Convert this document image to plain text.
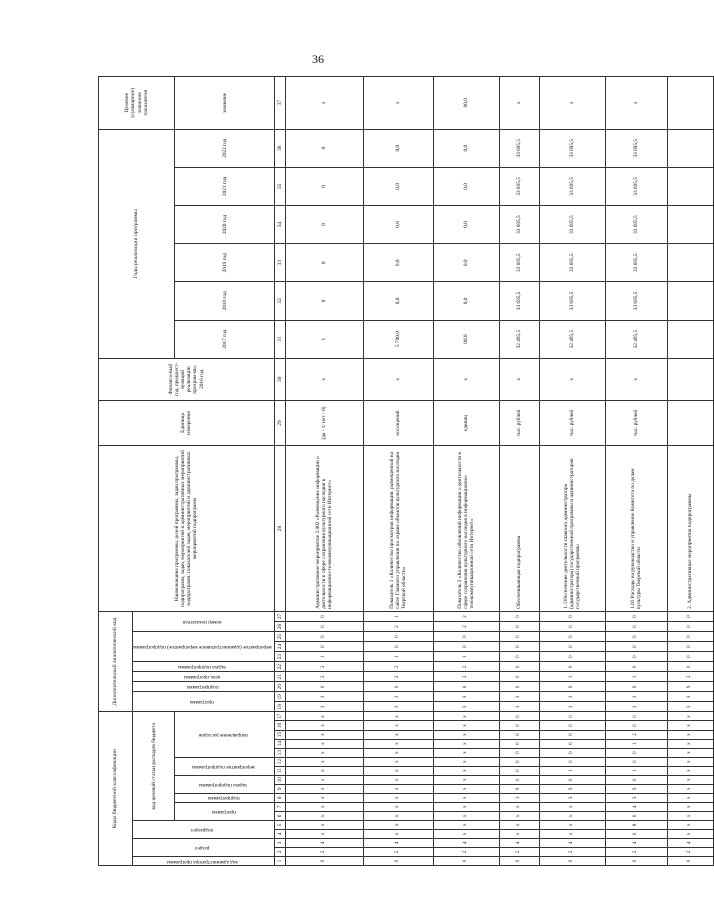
36
Коды бюджетной классификации																	Дополнительный аналитический код										Наименование программы, целей программы, задач программы, подпрограмм, задач, мероприятий и административных мероприятий подпрограмм, показателей задач, мероприятий и административных мероприятий подпрограмм	Единица измерения	Финансо-вый год, предшест-вующий реализации програм-мы, 2016 год	Годы реализации программы						Целевое (суммарное) значение показателя
код администратора программы	раздел		подраздел		код целевой статьи расходов бюджета												программа		подпрограмма	цель программы	задача подпрограммы	мероприятие (административное мероприятие) подпрограммы			номер показателя											
					программа		подпрограмма	задача подпрограммы		мероприятие подпрограммы		направление расходов																		2017 год	2018 год	2019 год	2020 год	2021 год	2022 год	значение
1	2	3	4	5	6	7	8	9	10	11	12	13	14	15	16	17	18	19	20	21	22	23	24	25	26	27	28	29	30	31	32	33	34	35	36	37
0	2	4	х	х	х	х	х	х	х	х	х	х	х	х	х	х	3	3	0	2	2	1	0	0	0	0	Административное мероприятие 2.002 «Размещение информации о деятельности в сфере сохранения культурного наследия в информационно-телекоммуникационной сети Интернет»	(да - 1/ нет - 0)	х	1	0	0	0	0	0	х
0	2	4	х	х	х	х	х	х	х	х	х	х	х	х	х	х	3	3	0	2	2	1	0	0	2	1	Показатель 1 «Количество просмотров информации, размещенной на сайте Главного управления по охране объектов культурного наследия Тверской области»	посещений	х	5 700,0	0,0	0,0	0,0	0,0	0,0	х
0	2	4	х	х	х	х	х	х	х	х	х	х	х	х	х	х	3	3	0	2	2	1	0	0	2	2	Показатель 2 «Количество обновлений информации о деятельности в сфере сохранения культурного наследия в информационно-телекоммуникационной сети Интернет»	единиц	х	80,0	0,0	0,0	0,0	0,0	0,0	80,0
0	2	4	х	х	х	х	3	9	0	0	0	0	0	0	0	0	3	3	0	0	0	0	0	0	0	0	Обеспечивающая подпрограмма	тыс. рублей	х	32 495,5	33 695,5	33 695,5	33 695,5	33 695,5	33 695,5	х
0	2	4	х	х	х	х	3	9	0	1	0	0	0	0	0	0	3	3	9	1	0	0	0	0	0	0	1. Обеспечение деятельности главного администратора (администратора) государственной программы и администраторов государственной программы	тыс. рублей	х	32 495,5	33 695,5	33 695,5	33 695,5	33 695,5	33 695,5	х
0	2	4	0	8	0	4	3	9	0	1	0	0	1	2	0	0	3	3	9	1	0	0	0	0	0	0	1.01 Расходы на руководство и управление Комитета по делам культуры Тверской области	тыс. рублей	х	32 495,5	33 695,5	33 695,5	33 695,5	33 695,5	33 695,5	х
0	2	4	х	х	х	х	х	х	х	х	х	х	х	х	х	х	3	3	9	2	0	0	0	0	0	0	2. Административные мероприятия подпрограммы									
